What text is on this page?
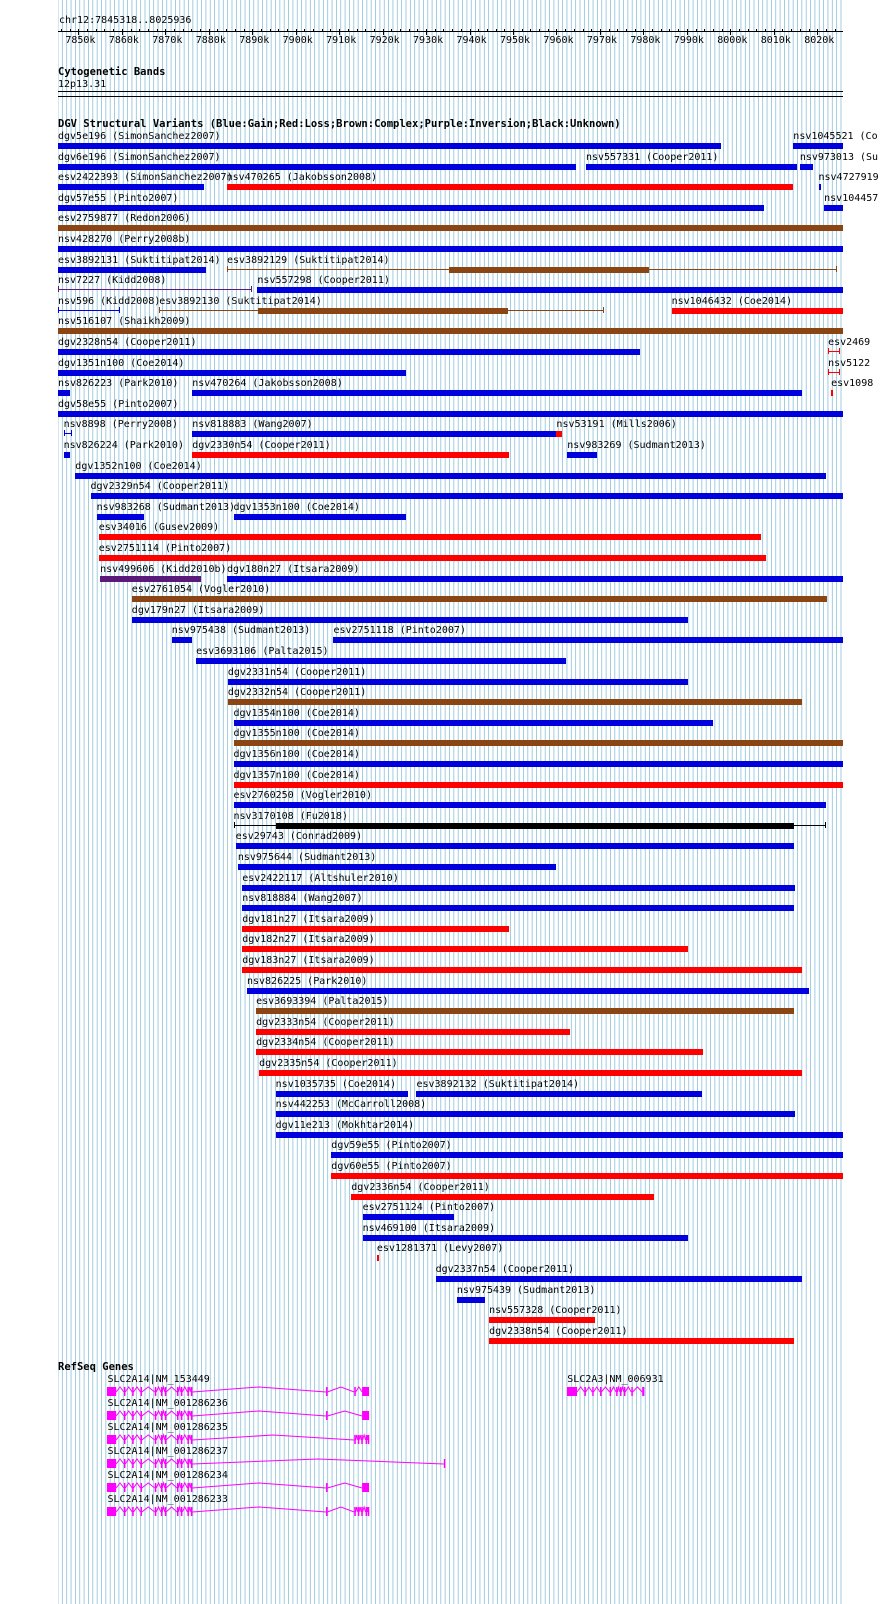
chr12:7845318..8025936
7850k 7860k 7870k 7880k 7890k 7900k 7910k 7920k 7930k 7940k 7950k 7960k 7970k 7980k 7990k 8000k 8010k 8020k
Cytogenetic Bands
12p13.31
DGV Structural Variants (Blue:Gain;Red:Loss;Brown:Complex;Purple:Inversion;Black:Unknown)
dgv5e196 (SimonSanchez2007)	nsv1045521 (Co
dgv6e196 (SimonSanchez2007)	nsv557331 (Cooper2011)	nsv973013 (Su
esv2422393 (SimonSanchez2007)
nsv470265 (Jakobsson2008)	nsv4727919
dgv57e55 (Pinto2007)	nsv104457
esv2759877 (Redon2006)
nsv428270 (Perry2008b)
esv3892131 (Suktitipat2014) esv3892129 (Suktitipat2014)
nsv7227 (Kidd2008)	nsv557298 (Cooper2011)
nsv596 (Kidd2008)
esv3892130 (Suktitipat2014)	nsv1046432 (Coe2014)
nsv516107 (Shaikh2009)
dgv2328n54 (Cooper2011)	esv2469
dgv1351n100 (Coe2014)	nsv5122
nsv826223 (Park2010) nsv470264 (Jakobsson2008)	esv1098
dgv58e55 (Pinto2007)
nsv8898 (Perry2008) nsv818883 (Wang2007)	nsv53191 (Mills2006)
nsv826224 (Park2010) dgv2330n54 (Cooper2011)	nsv983269 (Sudmant2013)
dgv1352n100 (Coe2014)
dgv2329n54 (Cooper2011)
nsv983268 (Sudmant2013)
dgv1353n100 (Coe2014)
esv34016 (Gusev2009)
esv2751114 (Pinto2007)
nsv499606 (Kidd2010b) dgv180n27 (Itsara2009)
esv2761054 (Vogler2010)
dgv179n27 (Itsara2009)
nsv975438 (Sudmant2013) esv2751118 (Pinto2007)
esv3693106 (Palta2015)
dgv2331n54 (Cooper2011)
dgv2332n54 (Cooper2011)
dgv1354n100 (Coe2014)
dgv1355n100 (Coe2014)
dgv1356n100 (Coe2014)
dgv1357n100 (Coe2014)
esv2760250 (Vogler2010)
nsv3170108 (Fu2018)
esv29743 (Conrad2009)
nsv975644 (Sudmant2013)
esv2422117 (Altshuler2010)
nsv818884 (Wang2007)
dgv181n27 (Itsara2009)
dgv182n27 (Itsara2009)
dgv183n27 (Itsara2009)
nsv826225 (Park2010)
esv3693394 (Palta2015)
dgv2333n54 (Cooper2011)
dgv2334n54 (Cooper2011)
dgv2335n54 (Cooper2011)
nsv1035735 (Coe2014) esv3892132 (Suktitipat2014)
nsv442253 (McCarroll2008)
dgv11e213 (Mokhtar2014)
dgv59e55 (Pinto2007)
dgv60e55 (Pinto2007)
dgv2336n54 (Cooper2011)
esv2751124 (Pinto2007)
nsv469100 (Itsara2009)
esv1281371 (Levy2007)
dgv2337n54 (Cooper2011)
nsv975439 (Sudmant2013)
nsv557328 (Cooper2011)
dgv2338n54 (Cooper2011)
RefSeq Genes
SLC2A14|NM_153449	SLC2A3|NM_006931
SLC2A14|NM_001286236
SLC2A14|NM_001286235
SLC2A14|NM_001286237
SLC2A14|NM_001286234
SLC2A14|NM_001286233
